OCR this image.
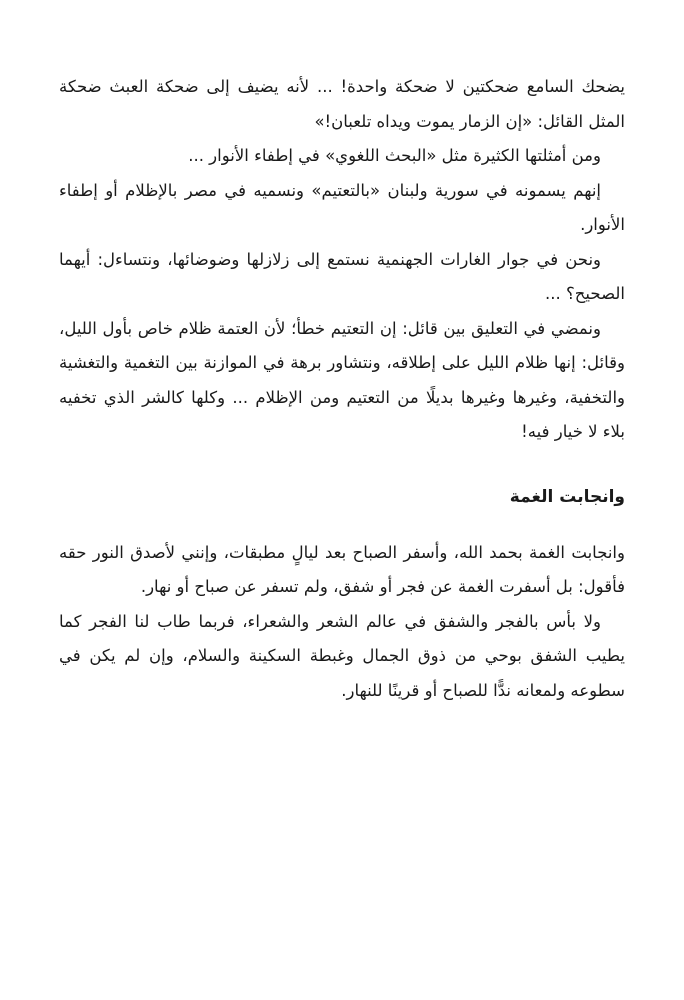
يضحك السامع ضحكتين لا ضحكة واحدة! ... لأنه يضيف إلى ضحكة العبث ضحكة المثل القائل: «إن الزمار يموت ويداه تلعبان!»

ومن أمثلتها الكثيرة مثل «البحث اللغوي» في إطفاء الأنوار ...

إنهم يسمونه في سورية ولبنان «بالتعتيم» ونسميه في مصر بالإظلام أو إطفاء الأنوار.

ونحن في جوار الغارات الجهنمية نستمع إلى زلازلها وضوضائها، ونتساءل: أيهما الصحيح؟ ...

ونمضي في التعليق بين قائل: إن التعتيم خطأ؛ لأن العتمة ظلام خاص بأول الليل، وقائل: إنها ظلام الليل على إطلاقه، ونتشاور برهة في الموازنة بين التغمية والتغشية والتخفية، وغيرها وغيرها بديلًا من التعتيم ومن الإظلام ... وكلها كالشر الذي تخفيه بلاء لا خيار فيه!

وانجابت الغمة

وانجابت الغمة بحمد الله، وأسفر الصباح بعد ليالٍ مطبقات، وإنني لأصدق النور حقه فأقول: بل أسفرت الغمة عن فجر أو شفق، ولم تسفر عن صباح أو نهار.

ولا بأس بالفجر والشفق في عالم الشعر والشعراء، فربما طاب لنا الفجر كما يطيب الشفق بوحي من ذوق الجمال وغبطة السكينة والسلام، وإن لم يكن في سطوعه ولمعانه ندًّا للصباح أو قرينًا للنهار.
